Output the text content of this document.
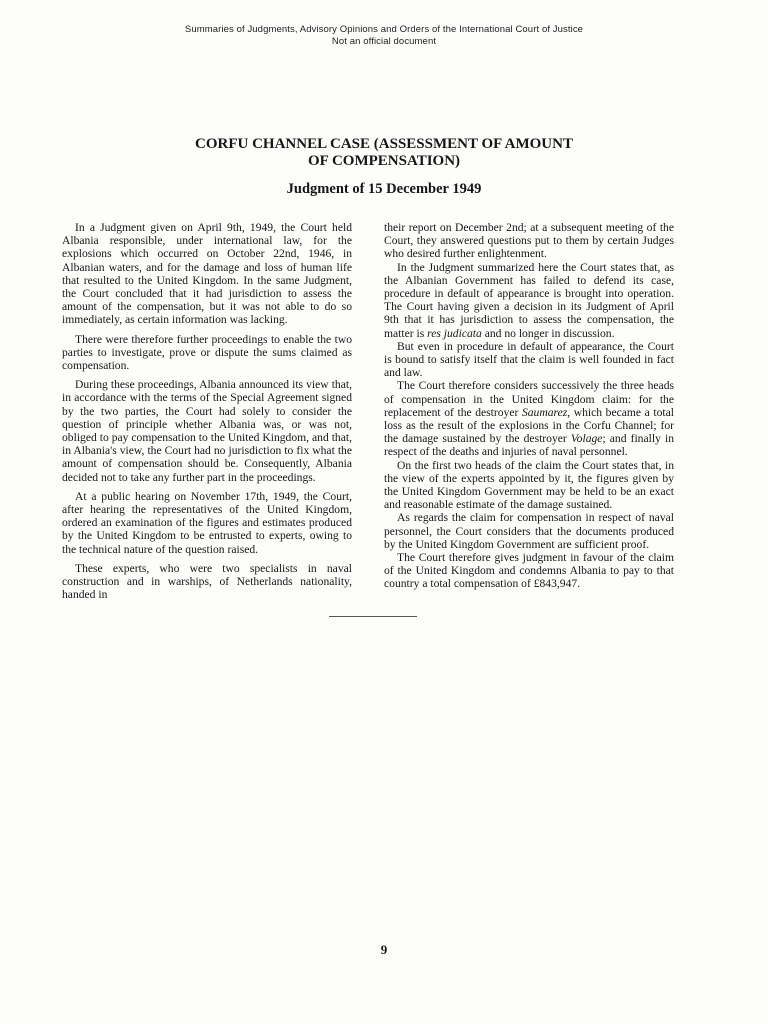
Summaries of Judgments, Advisory Opinions and Orders of the International Court of Justice
Not an official document
CORFU CHANNEL CASE (ASSESSMENT OF AMOUNT
OF COMPENSATION)
Judgment of 15 December 1949

In a Judgment given on April 9th, 1949, the Court held Albania responsible, under international law, for the explosions which occurred on October 22nd, 1946, in Albanian waters, and for the damage and loss of human life that resulted to the United Kingdom. In the same Judgment, the Court concluded that it had jurisdiction to assess the amount of the compensation, but it was not able to do so immediately, as certain information was lacking.

There were therefore further proceedings to enable the two parties to investigate, prove or dispute the sums claimed as compensation.

During these proceedings, Albania announced its view that, in accordance with the terms of the Special Agreement signed by the two parties, the Court had solely to consider the question of principle whether Albania was, or was not, obliged to pay compensation to the United Kingdom, and that, in Albania's view, the Court had no jurisdiction to fix what the amount of compensation should be. Consequently, Albania decided not to take any further part in the proceedings.

At a public hearing on November 17th, 1949, the Court, after hearing the representatives of the United Kingdom, ordered an examination of the figures and estimates produced by the United Kingdom to be entrusted to experts, owing to the technical nature of the question raised.

These experts, who were two specialists in naval construction and in warships, of Netherlands nationality, handed in

their report on December 2nd; at a subsequent meeting of the Court, they answered questions put to them by certain Judges who desired further enlightenment.

In the Judgment summarized here the Court states that, as the Albanian Government has failed to defend its case, procedure in default of appearance is brought into operation. The Court having given a decision in its Judgment of April 9th that it has jurisdiction to assess the compensation, the matter is res judicata and no longer in discussion.

But even in procedure in default of appearance, the Court is bound to satisfy itself that the claim is well founded in fact and law.

The Court therefore considers successively the three heads of compensation in the United Kingdom claim: for the replacement of the destroyer Saumarez, which became a total loss as the result of the explosions in the Corfu Channel; for the damage sustained by the destroyer Volage; and finally in respect of the deaths and injuries of naval personnel.

On the first two heads of the claim the Court states that, in the view of the experts appointed by it, the figures given by the United Kingdom Government may be held to be an exact and reasonable estimate of the damage sustained.

As regards the claim for compensation in respect of naval personnel, the Court considers that the documents produced by the United Kingdom Government are sufficient proof.

The Court therefore gives judgment in favour of the claim of the United Kingdom and condemns Albania to pay to that country a total compensation of £843,947.

9
